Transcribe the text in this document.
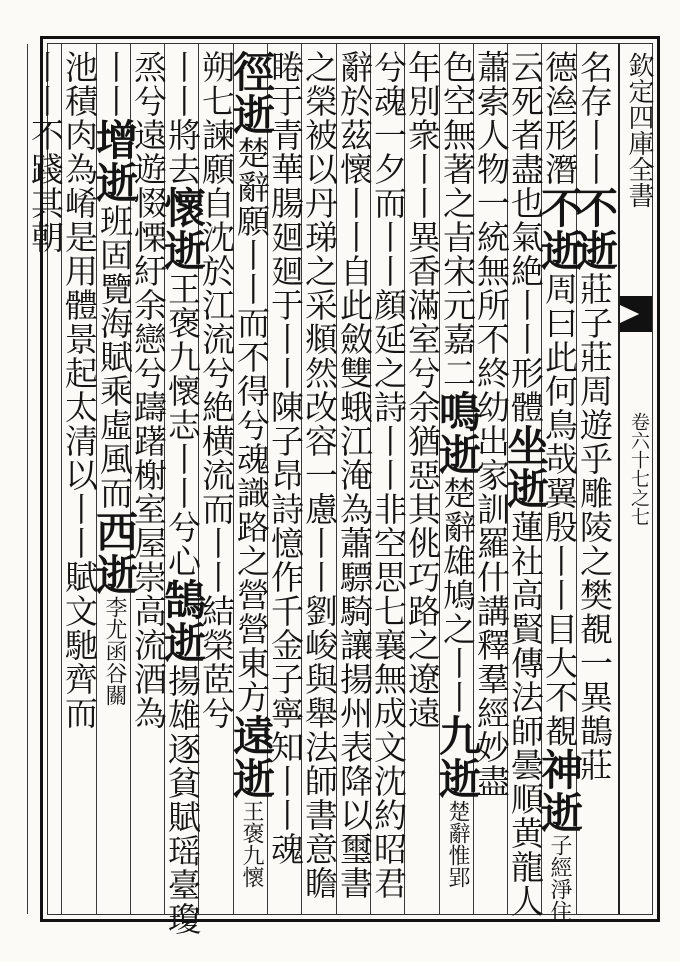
欽定四庫全書
卷六十七之七
名存丨丨不逝莊子莊周遊乎雕陵之樊覩一異鵲莊
德㴉形潛不逝周曰此何鳥哉翼殷丨丨目大不覩神逝子經淨住
云死者盡也氣絶丨丨形體坐逝蓮社高賢傳法師曇順黄龍人
蕭索人物一統無所不終幼出家訓羅什講釋羣經妙盡
色空無著之㫖宋元嘉二鳴逝楚辭雄鳩之丨丨九逝楚辭惟郢
年別衆丨丨異香滿室兮余猶惡其佻巧路之遼遠
兮魂一夕而丨丨顔延之詩丨丨非空思七襄無成文沈約昭君
辭於茲懷丨丨自此斂雙蛾江淹為蕭驃騎讓揚州表降以璽書
之榮被以丹珶之采頫然改容一慮丨丨劉峻與舉法師書意瞻
睠于青華腸廻廻于丨丨陳子昂詩憶作千金子寧知丨丨魂
徑逝楚辭願丨丨而不得兮魂識路之營營東方遠逝王褒九懷
朔七諫願自沈於江流兮絶横流而丨丨結榮茝兮
丨丨將去懷逝王褒九懷志丨丨兮心鵠逝揚雄逐貧賦瑶臺瓊
烝兮遠遊惙慄紆余戀兮躊躇榭室屋崇高流酒為
丨丨增逝班固覽海賦乘虛風而西逝李尤函谷關
池積肉為崤是用體景起太清以丨丨賦文馳齊而
丨丨不踐其朝
